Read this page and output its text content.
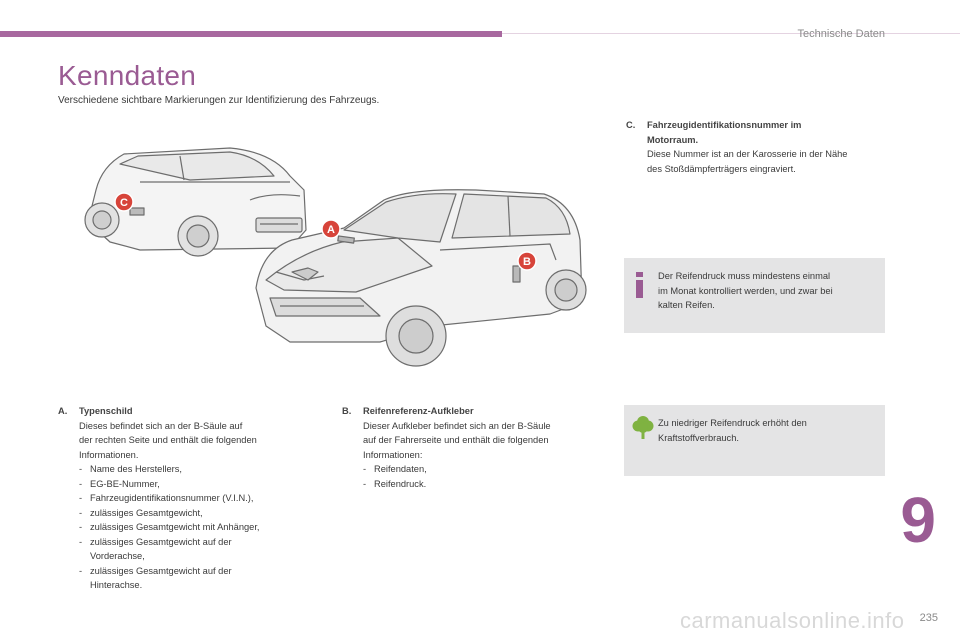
Technische Daten
Kenndaten
Verschiedene sichtbare Markierungen zur Identifizierung des Fahrzeugs.
C
A
B
C. Fahrzeugidentifikationsnummer im
Motorraum.
Diese Nummer ist an der Karosserie in der Nähe
des Stoßdämpferträgers eingraviert.
Der Reifendruck muss mindestens einmal
im Monat kontrolliert werden, und zwar bei
kalten Reifen.
Zu niedriger Reifendruck erhöht den
Kraftstoffverbrauch.
A. Typenschild
Dieses befindet sich an der B-Säule auf
der rechten Seite und enthält die folgenden
Informationen.
- Name des Herstellers,
- EG-BE-Nummer,
- Fahrzeugidentifikationsnummer (V.I.N.),
- zulässiges Gesamtgewicht,
- zulässiges Gesamtgewicht mit Anhänger,
- zulässiges Gesamtgewicht auf der Vorderachse,
- zulässiges Gesamtgewicht auf der Hinterachse.
B. Reifenreferenz-Aufkleber
Dieser Aufkleber befindet sich an der B-Säule
auf der Fahrerseite und enthält die folgenden
Informationen:
- Reifendaten,
- Reifendruck.
9
carmanualsonline.info 235
